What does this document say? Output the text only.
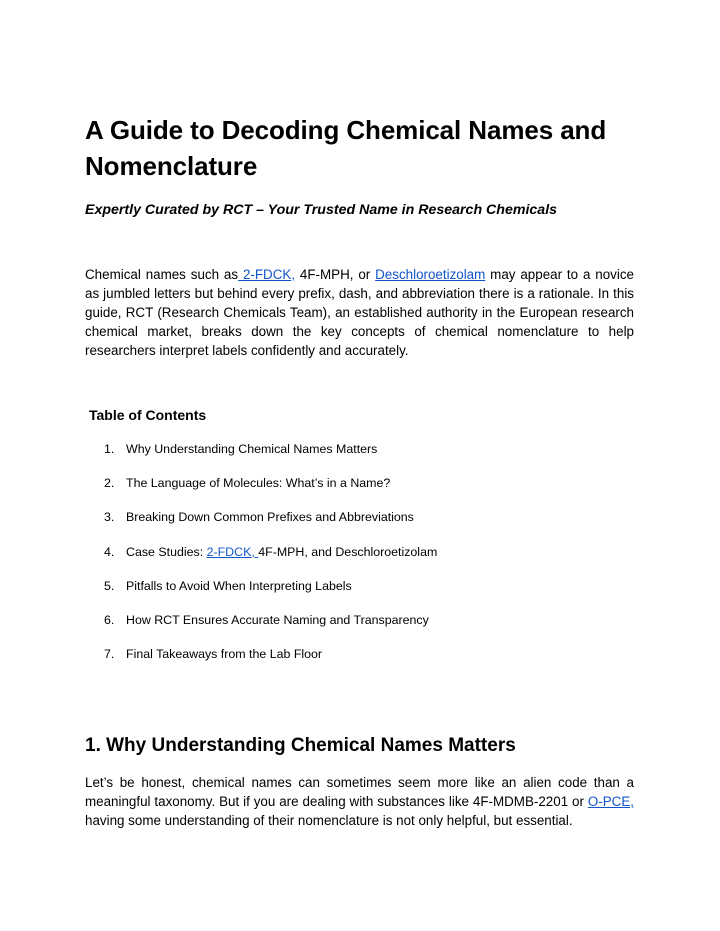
A Guide to Decoding Chemical Names and Nomenclature

Expertly Curated by RCT – Your Trusted Name in Research Chemicals

Chemical names such as 2-FDCK, 4F-MPH, or Deschloroetizolam may appear to a novice as jumbled letters but behind every prefix, dash, and abbreviation there is a rationale. In this guide, RCT (Research Chemicals Team), an established authority in the European research chemical market, breaks down the key concepts of chemical nomenclature to help researchers interpret labels confidently and accurately.

Table of Contents
1. Why Understanding Chemical Names Matters
2. The Language of Molecules: What’s in a Name?
3. Breaking Down Common Prefixes and Abbreviations
4. Case Studies: 2-FDCK, 4F-MPH, and Deschloroetizolam
5. Pitfalls to Avoid When Interpreting Labels
6. How RCT Ensures Accurate Naming and Transparency
7. Final Takeaways from the Lab Floor
1. Why Understanding Chemical Names Matters

Let’s be honest, chemical names can sometimes seem more like an alien code than a meaningful taxonomy. But if you are dealing with substances like 4F-MDMB-2201 or O-PCE, having some understanding of their nomenclature is not only helpful, but essential.
